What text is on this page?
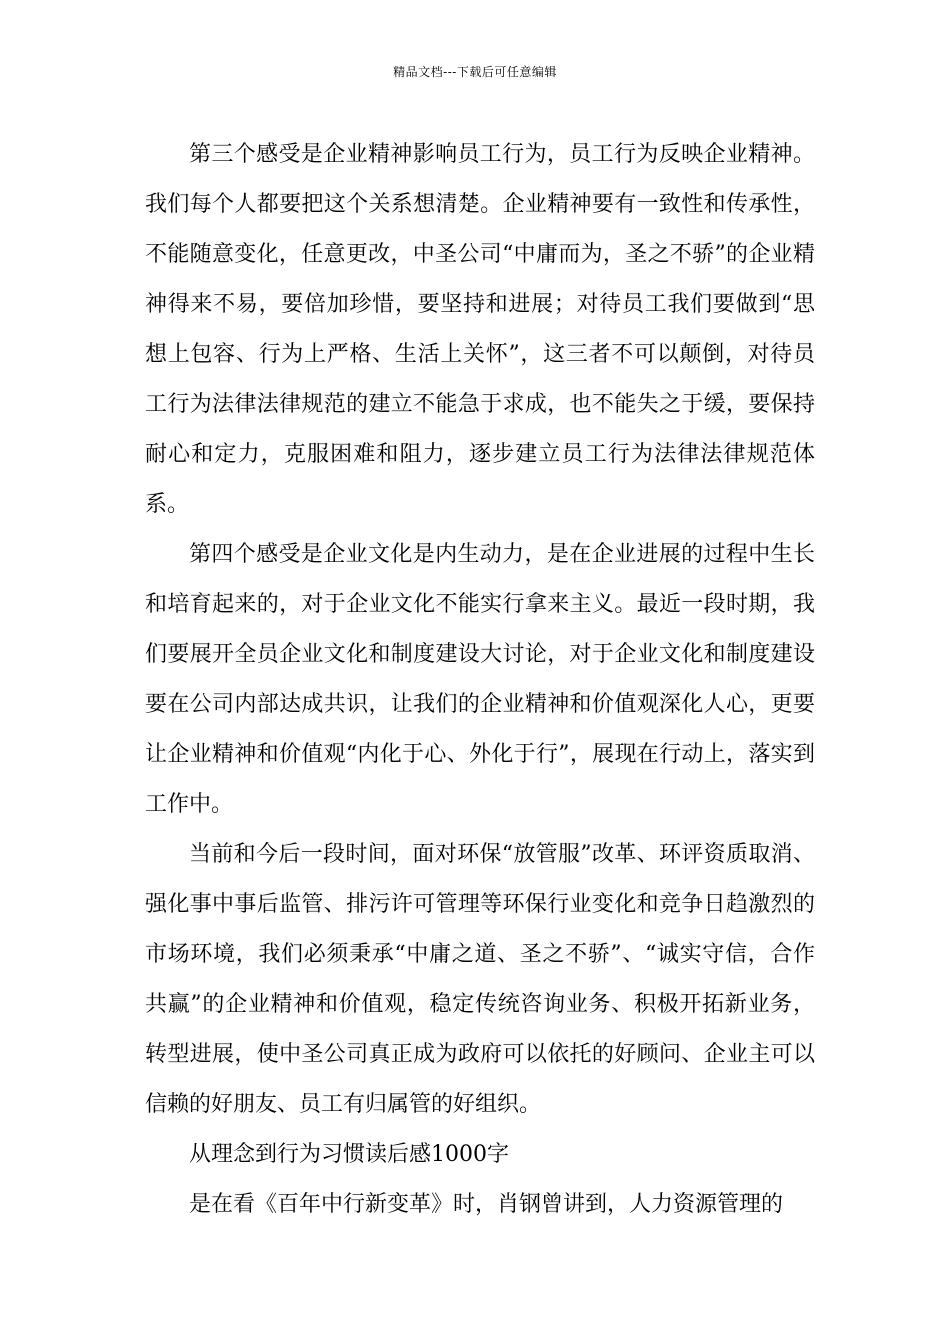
精品文档---下载后可任意编辑

第三个感受是企业精神影响员工行为，员工行为反映企业精神。我们每个人都要把这个关系想清楚。企业精神要有一致性和传承性，不能随意变化，任意更改，中圣公司“中庸而为，圣之不骄”的企业精神得来不易，要倍加珍惜，要坚持和进展；对待员工我们要做到“思想上包容、行为上严格、生活上关怀”，这三者不可以颠倒，对待员工行为法律法律规范的建立不能急于求成，也不能失之于缓，要保持耐心和定力，克服困难和阻力，逐步建立员工行为法律法律规范体系。

第四个感受是企业文化是内生动力，是在企业进展的过程中生长和培育起来的，对于企业文化不能实行拿来主义。最近一段时期，我们要展开全员企业文化和制度建设大讨论，对于企业文化和制度建设要在公司内部达成共识，让我们的企业精神和价值观深化人心，更要让企业精神和价值观“内化于心、外化于行”，展现在行动上，落实到工作中。

当前和今后一段时间，面对环保“放管服”改革、环评资质取消、强化事中事后监管、排污许可管理等环保行业变化和竞争日趋激烈的市场环境，我们必须秉承“中庸之道、圣之不骄”、“诚实守信，合作共赢”的企业精神和价值观，稳定传统咨询业务、积极开拓新业务，转型进展，使中圣公司真正成为政府可以依托的好顾问、企业主可以信赖的好朋友、员工有归属管的好组织。

从理念到行为习惯读后感1000字

是在看《百年中行新变革》时，肖钢曾讲到，人力资源管理的
